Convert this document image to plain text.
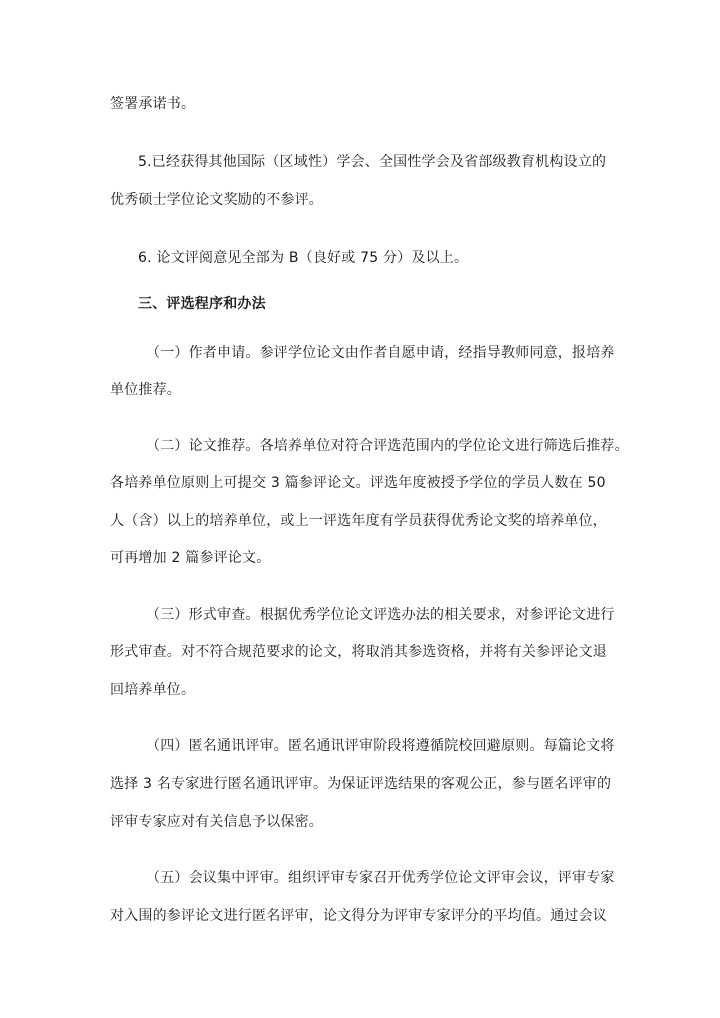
签署承诺书。
5.已经获得其他国际（区域性）学会、全国性学会及省部级教育机构设立的
优秀硕士学位论文奖励的不参评。
6. 论文评阅意见全部为 B（良好或 75 分）及以上。
三、评选程序和办法
（一）作者申请。参评学位论文由作者自愿申请，经指导教师同意，报培养
单位推荐。
（二）论文推荐。各培养单位对符合评选范围内的学位论文进行筛选后推荐。
各培养单位原则上可提交 3 篇参评论文。评选年度被授予学位的学员人数在 50
人（含）以上的培养单位，或上一评选年度有学员获得优秀论文奖的培养单位，
可再增加 2 篇参评论文。
（三）形式审查。根据优秀学位论文评选办法的相关要求，对参评论文进行
形式审查。对不符合规范要求的论文，将取消其参选资格，并将有关参评论文退
回培养单位。
（四）匿名通讯评审。匿名通讯评审阶段将遵循院校回避原则。每篇论文将
选择 3 名专家进行匿名通讯评审。为保证评选结果的客观公正，参与匿名评审的
评审专家应对有关信息予以保密。
（五）会议集中评审。组织评审专家召开优秀学位论文评审会议，评审专家
对入围的参评论文进行匿名评审，论文得分为评审专家评分的平均值。通过会议
